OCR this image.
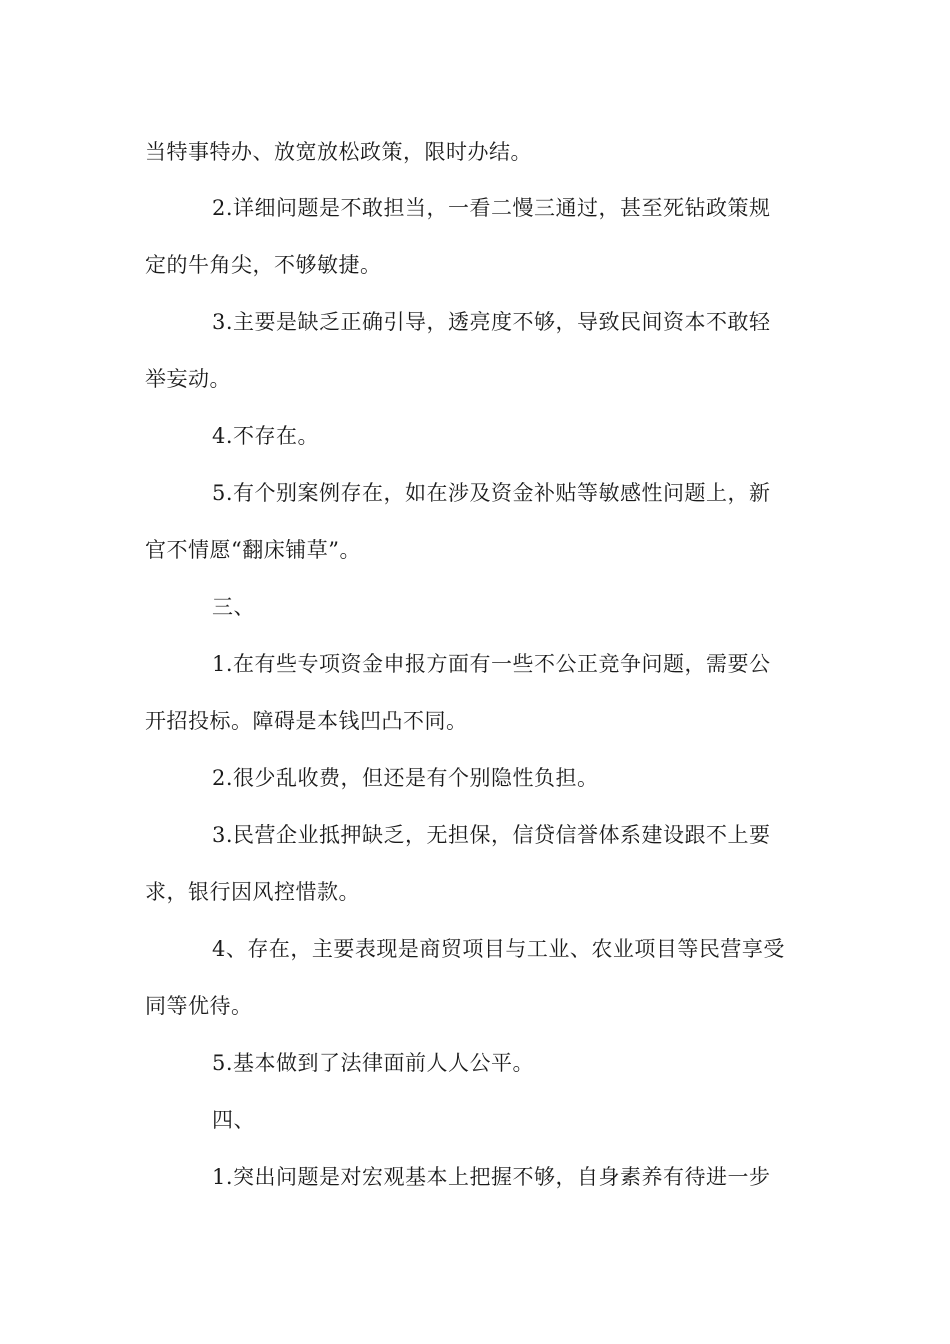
当特事特办、放宽放松政策，限时办结。
2.详细问题是不敢担当，一看二慢三通过，甚至死钻政策规
定的牛角尖，不够敏捷。
3.主要是缺乏正确引导，透亮度不够，导致民间资本不敢轻
举妄动。
4.不存在。
5.有个别案例存在，如在涉及资金补贴等敏感性问题上，新
官不情愿“翻床铺草”。
三、
1.在有些专项资金申报方面有一些不公正竞争问题，需要公
开招投标。障碍是本钱凹凸不同。
2.很少乱收费，但还是有个别隐性负担。
3.民营企业抵押缺乏，无担保，信贷信誉体系建设跟不上要
求，银行因风控惜款。
4、存在，主要表现是商贸项目与工业、农业项目等民营享受
同等优待。
5.基本做到了法律面前人人公平。
四、
1.突出问题是对宏观基本上把握不够，自身素养有待进一步
